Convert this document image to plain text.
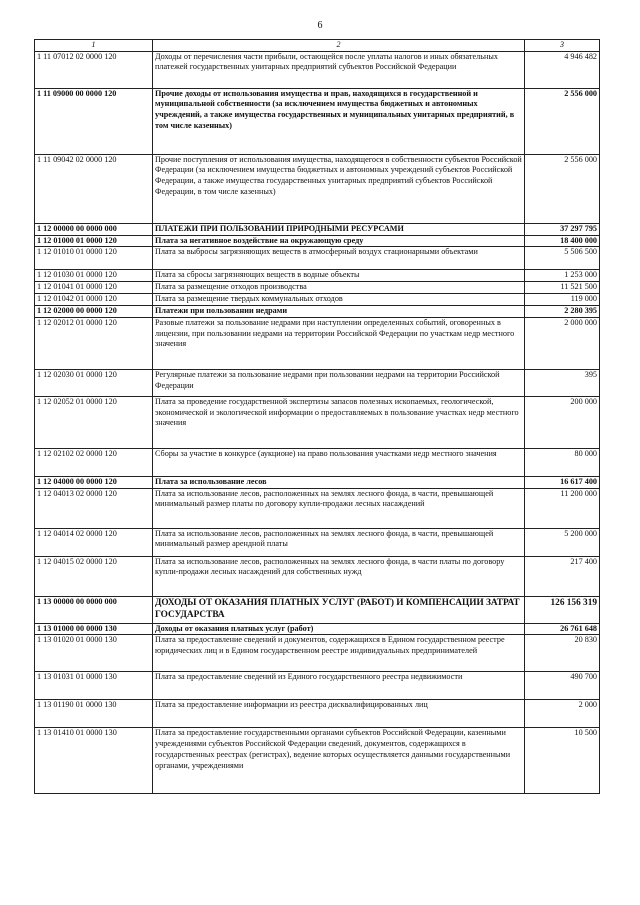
6
1	2	3
1 11 07012 02 0000 120	Доходы от перечисления части прибыли, остающейся после уплаты налогов и иных обязательных платежей государственных унитарных предприятий субъектов Российской Федерации	4 946 482
1 11 09000 00 0000 120	Прочие доходы от использования имущества и прав, находящихся в государственной и муниципальной собственности (за исключением имущества бюджетных и автономных учреждений, а также имущества государственных и муниципальных унитарных предприятий, в том числе казенных)	2 556 000
1 11 09042 02 0000 120	Прочие поступления от использования имущества, находящегося в собственности субъектов Российской Федерации (за исключением имущества бюджетных и автономных учреждений субъектов Российской Федерации, а также имущества государственных унитарных предприятий субъектов Российской Федерации, в том числе казенных)	2 556 000
1 12 00000 00 0000 000	ПЛАТЕЖИ ПРИ ПОЛЬЗОВАНИИ ПРИРОДНЫМИ РЕСУРСАМИ	37 297 795
1 12 01000 01 0000 120	Плата за негативное воздействие на окружающую среду	18 400 000
1 12 01010 01 0000 120	Плата за выбросы загрязняющих веществ в атмосферный воздух стационарными объектами	5 506 500
1 12 01030 01 0000 120	Плата за сбросы загрязняющих веществ в водные объекты	1 253 000
1 12 01041 01 0000 120	Плата за размещение отходов производства	11 521 500
1 12 01042 01 0000 120	Плата за размещение твердых коммунальных отходов	119 000
1 12 02000 00 0000 120	Платежи при пользовании недрами	2 280 395
1 12 02012 01 0000 120	Разовые платежи за пользование недрами при наступлении определенных событий, оговоренных в лицензии, при пользовании недрами на территории Российской Федерации по участкам недр местного значения	2 000 000
1 12 02030 01 0000 120	Регулярные платежи за пользование недрами при пользовании недрами на территории Российской Федерации	395
1 12 02052 01 0000 120	Плата за проведение государственной экспертизы запасов полезных ископаемых, геологической, экономической и экологической информации о предоставляемых в пользование участках недр местного значения	200 000
1 12 02102 02 0000 120	Сборы за участие в конкурсе (аукционе) на право пользования участками недр местного значения	80 000
1 12 04000 00 0000 120	Плата за использование лесов	16 617 400
1 12 04013 02 0000 120	Плата за использование лесов, расположенных на землях лесного фонда, в части, превышающей минимальный размер платы по договору купли-продажи лесных насаждений	11 200 000
1 12 04014 02 0000 120	Плата за использование лесов, расположенных на землях лесного фонда, в части, превышающей минимальный размер арендной платы	5 200 000
1 12 04015 02 0000 120	Плата за использование лесов, расположенных на землях лесного фонда, в части платы по договору купли-продажи лесных насаждений для собственных нужд	217 400
1 13 00000 00 0000 000	ДОХОДЫ ОТ ОКАЗАНИЯ ПЛАТНЫХ УСЛУГ (РАБОТ) И КОМПЕНСАЦИИ ЗАТРАТ ГОСУДАРСТВА	126 156 319
1 13 01000 00 0000 130	Доходы от оказания платных услуг (работ)	26 761 648
1 13 01020 01 0000 130	Плата за предоставление сведений и документов, содержащихся в Едином государственном реестре юридических лиц и в Едином государственном реестре индивидуальных предпринимателей	20 830
1 13 01031 01 0000 130	Плата за предоставление сведений из Единого государственного реестра недвижимости	490 700
1 13 01190 01 0000 130	Плата за предоставление информации из реестра дисквалифицированных лиц	2 000
1 13 01410 01 0000 130	Плата за предоставление государственными органами субъектов Российской Федерации, казенными учреждениями субъектов Российской Федерации сведений, документов, содержащихся в государственных реестрах (регистрах), ведение которых осуществляется данными государственными органами, учреждениями	10 500
